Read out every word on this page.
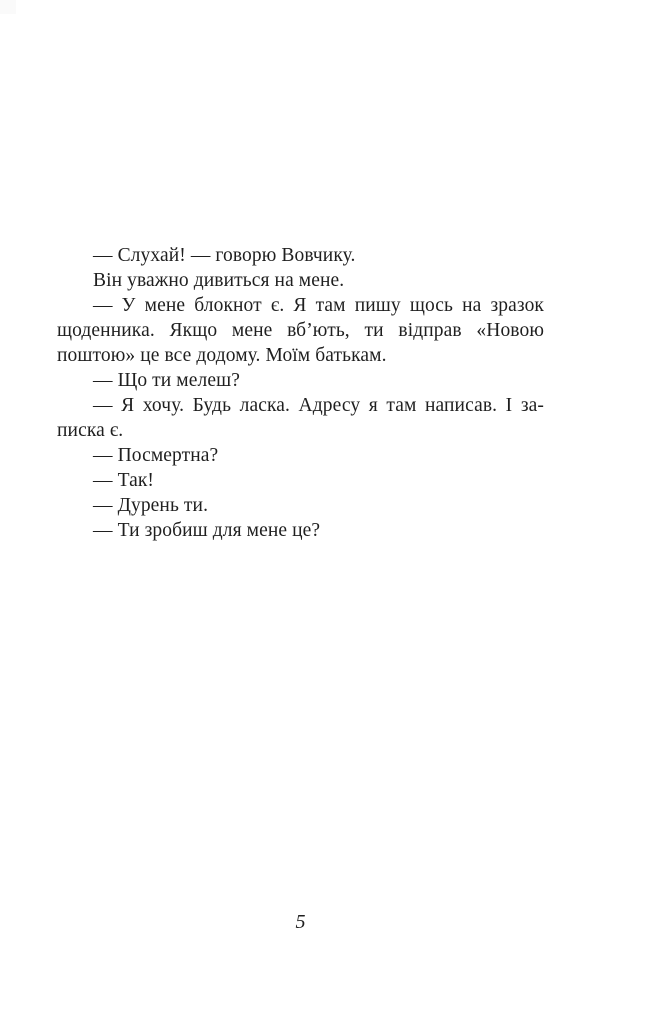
— Слухай! — говорю Вовчику.
Він уважно дивиться на мене.
— У мене блокнот є. Я там пишу щось на зразок
щоденника. Якщо мене вб’ють, ти відправ «Новою
поштою» це все додому. Моїм батькам.
— Що ти мелеш?
— Я хочу. Будь ласка. Адресу я там написав. І за-
писка є.
— Посмертна?
— Так!
— Дурень ти.
— Ти зробиш для мене це?
5
